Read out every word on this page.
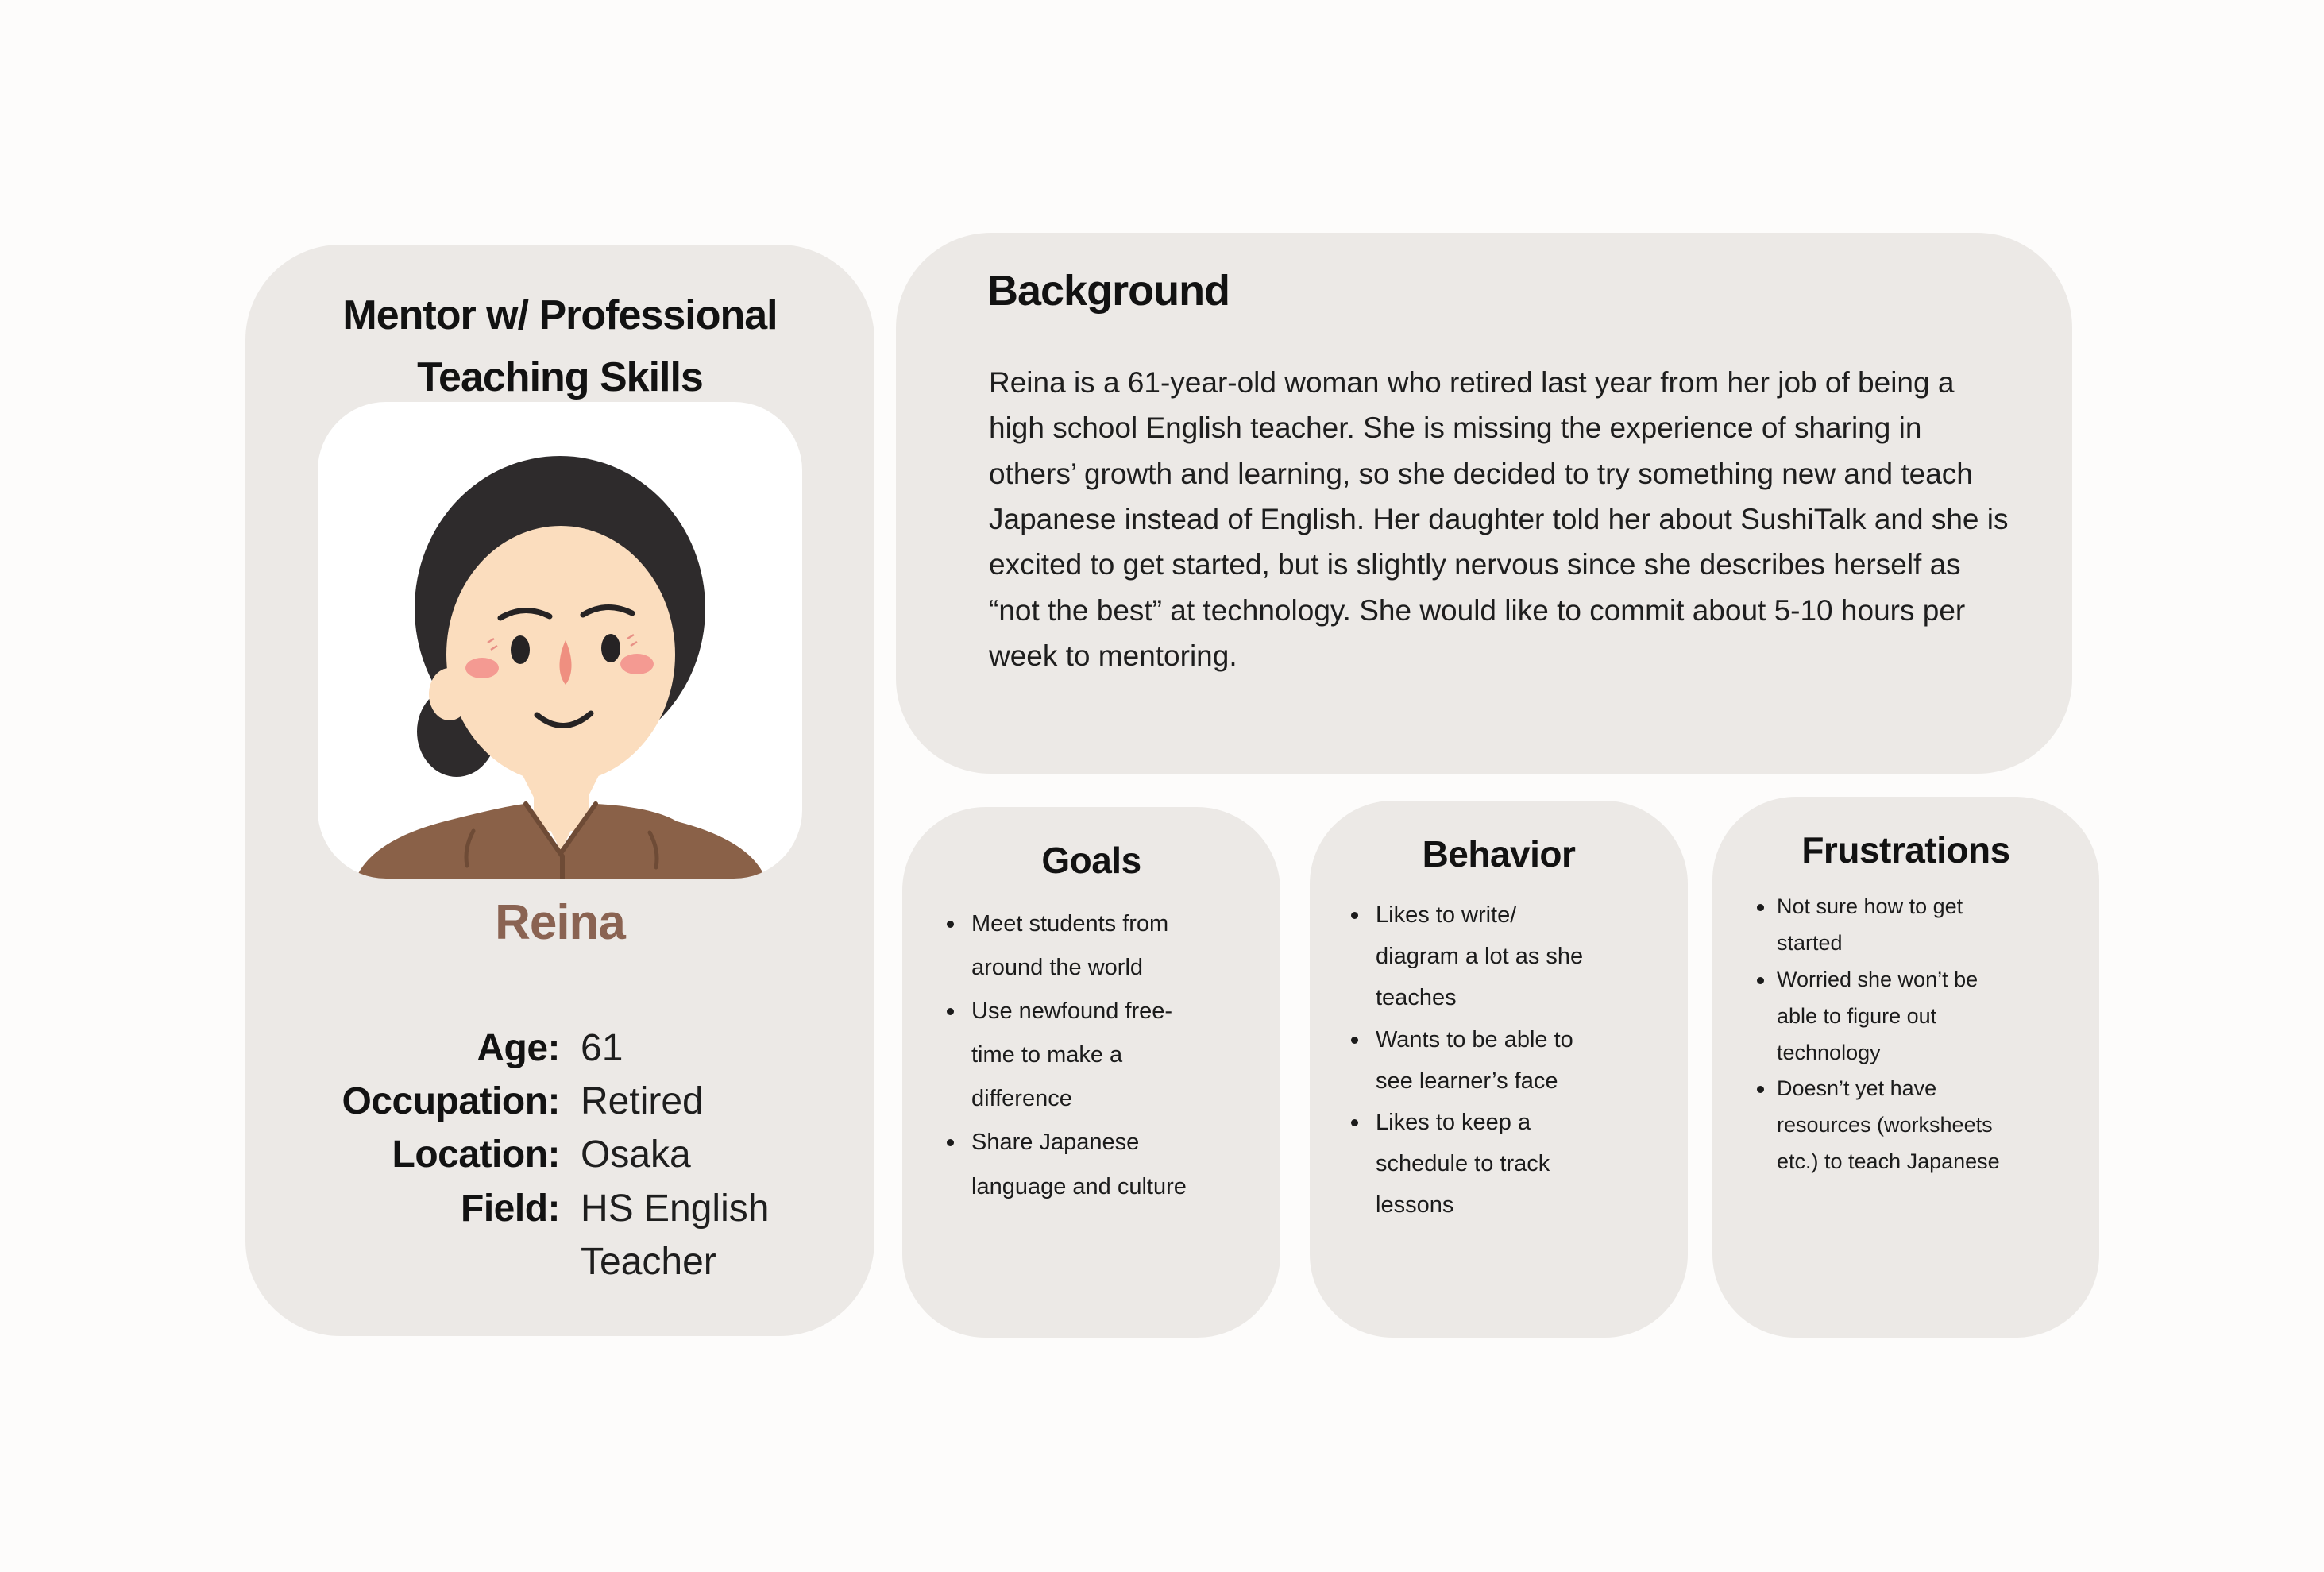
Mentor w/ Professional Teaching Skills
Reina
Age: 61
Occupation: Retired
Location: Osaka
Field: HS English Teacher
Background
Reina is a 61-year-old woman who retired last year from her job of being a high school English teacher. She is missing the experience of sharing in others’ growth and learning, so she decided to try something new and teach Japanese instead of English. Her daughter told her about SushiTalk and she is excited to get started, but is slightly nervous since she describes herself as “not the best” at technology. She would like to commit about 5-10 hours per week to mentoring.
Goals
Meet students from around the world
Use newfound free-time to make a difference
Share Japanese language and culture
Behavior
Likes to write/ diagram a lot as she teaches
Wants to be able to see learner’s face
Likes to keep a schedule to track lessons
Frustrations
Not sure how to get started
Worried she won’t be able to figure out technology
Doesn’t yet have resources (worksheets etc.) to teach Japanese
